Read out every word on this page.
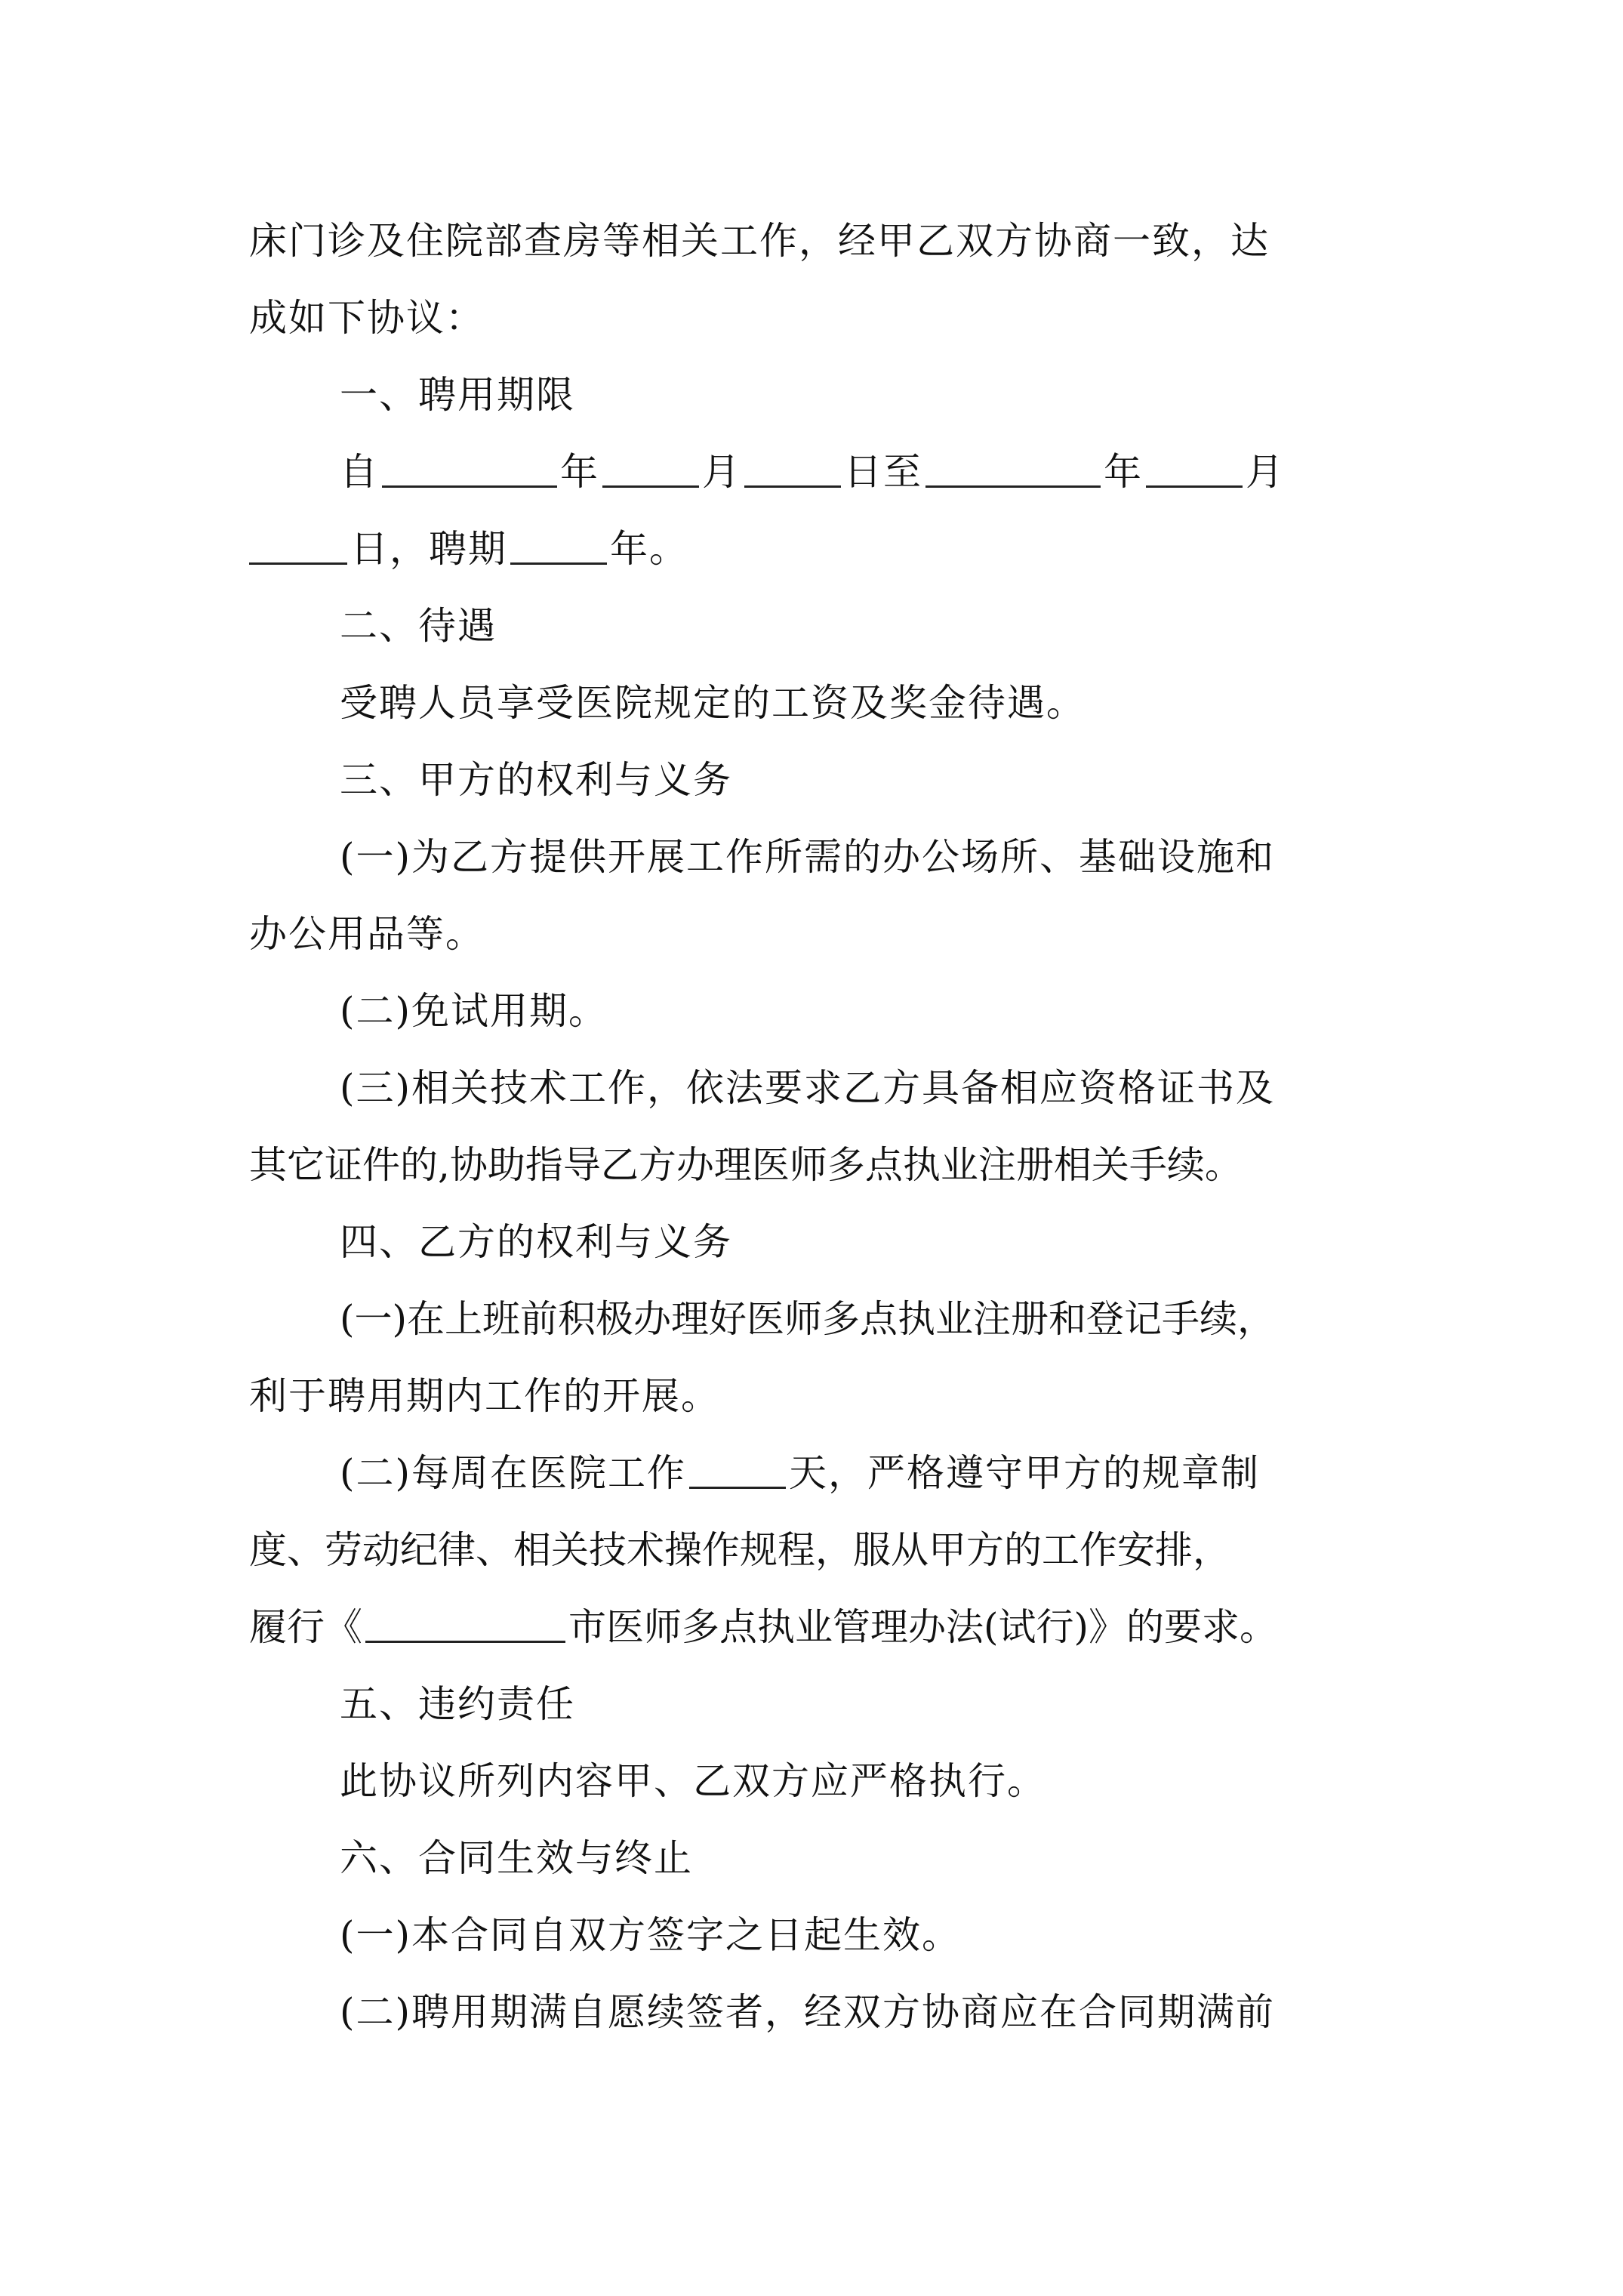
床门诊及住院部查房等相关工作，经甲乙双方协商一致，达
成如下协议：
一、聘用期限
自	年	月	日至	年	月
日，聘期	年。
二、待遇
受聘人员享受医院规定的工资及奖金待遇。
三、甲方的权利与义务
(一)为乙方提供开展工作所需的办公场所、基础设施和
办公用品等。
(二)免试用期。
(三)相关技术工作，依法要求乙方具备相应资格证书及
其它证件的,协助指导乙方办理医师多点执业注册相关手续。
四、乙方的权利与义务
(一)在上班前积极办理好医师多点执业注册和登记手续，
利于聘用期内工作的开展。
(二)每周在医院工作	天，严格遵守甲方的规章制
度、劳动纪律、相关技术操作规程，服从甲方的工作安排，
履行《	市医师多点执业管理办法(试行)》的要求。
五、违约责任
此协议所列内容甲、乙双方应严格执行。
六、合同生效与终止
(一)本合同自双方签字之日起生效。
(二)聘用期满自愿续签者，经双方协商应在合同期满前
